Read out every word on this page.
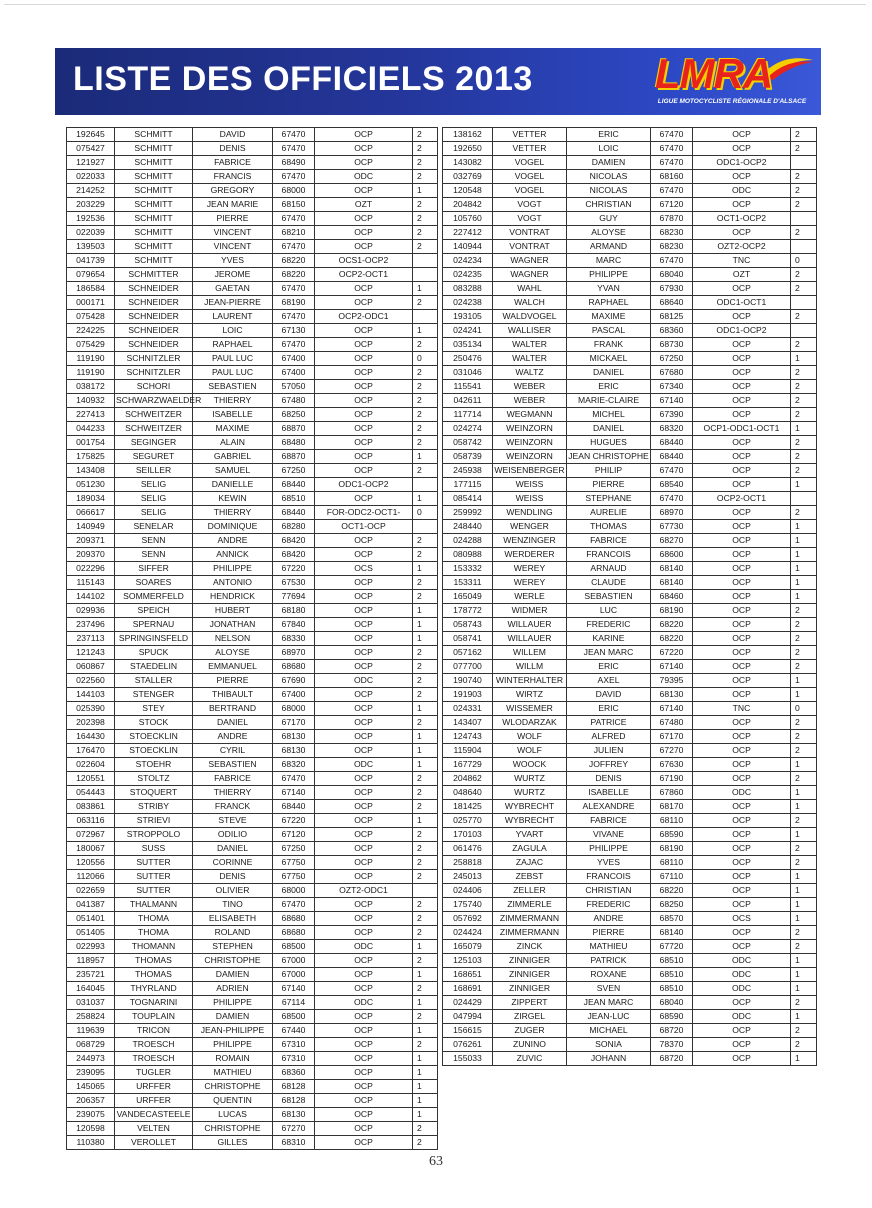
LISTE DES OFFICIELS 2013	LMRA
LIGUE MOTOCYCLISTE RÉGIONALE D'ALSACE
192645	SCHMITT	DAVID	67470	OCP	2
075427	SCHMITT	DENIS	67470	OCP	2
121927	SCHMITT	FABRICE	68490	OCP	2
022033	SCHMITT	FRANCIS	67470	ODC	2
214252	SCHMITT	GREGORY	68000	OCP	1
203229	SCHMITT	JEAN MARIE	68150	OZT	2
192536	SCHMITT	PIERRE	67470	OCP	2
022039	SCHMITT	VINCENT	68210	OCP	2
139503	SCHMITT	VINCENT	67470	OCP	2
041739	SCHMITT	YVES	68220	OCS1-OCP2	
079654	SCHMITTER	JEROME	68220	OCP2-OCT1	
186584	SCHNEIDER	GAETAN	67470	OCP	1
000171	SCHNEIDER	JEAN-PIERRE	68190	OCP	2
075428	SCHNEIDER	LAURENT	67470	OCP2-ODC1	
224225	SCHNEIDER	LOIC	67130	OCP	1
075429	SCHNEIDER	RAPHAEL	67470	OCP	2
119190	SCHNITZLER	PAUL LUC	67400	OCP	0
119190	SCHNITZLER	PAUL LUC	67400	OCP	2
038172	SCHORI	SEBASTIEN	57050	OCP	2
140932	SCHWARZWAELDER	THIERRY	67480	OCP	2
227413	SCHWEITZER	ISABELLE	68250	OCP	2
044233	SCHWEITZER	MAXIME	68870	OCP	2
001754	SEGINGER	ALAIN	68480	OCP	2
175825	SEGURET	GABRIEL	68870	OCP	1
143408	SEILLER	SAMUEL	67250	OCP	2
051230	SELIG	DANIELLE	68440	ODC1-OCP2	
189034	SELIG	KEWIN	68510	OCP	1
066617	SELIG	THIERRY	68440	FOR-ODC2-OCT1-	0
140949	SENELAR	DOMINIQUE	68280	OCT1-OCP	
209371	SENN	ANDRE	68420	OCP	2
209370	SENN	ANNICK	68420	OCP	2
022296	SIFFER	PHILIPPE	67220	OCS	1
115143	SOARES	ANTONIO	67530	OCP	2
144102	SOMMERFELD	HENDRICK	77694	OCP	2
029936	SPEICH	HUBERT	68180	OCP	1
237496	SPERNAU	JONATHAN	67840	OCP	1
237113	SPRINGINSFELD	NELSON	68330	OCP	1
121243	SPUCK	ALOYSE	68970	OCP	2
060867	STAEDELIN	EMMANUEL	68680	OCP	2
022560	STALLER	PIERRE	67690	ODC	2
144103	STENGER	THIBAULT	67400	OCP	2
025390	STEY	BERTRAND	68000	OCP	1
202398	STOCK	DANIEL	67170	OCP	2
164430	STOECKLIN	ANDRE	68130	OCP	1
176470	STOECKLIN	CYRIL	68130	OCP	1
022604	STOEHR	SEBASTIEN	68320	ODC	1
120551	STOLTZ	FABRICE	67470	OCP	2
054443	STOQUERT	THIERRY	67140	OCP	2
083861	STRIBY	FRANCK	68440	OCP	2
063116	STRIEVI	STEVE	67220	OCP	1
072967	STROPPOLO	ODILIO	67120	OCP	2
180067	SUSS	DANIEL	67250	OCP	2
120556	SUTTER	CORINNE	67750	OCP	2
112066	SUTTER	DENIS	67750	OCP	2
022659	SUTTER	OLIVIER	68000	OZT2-ODC1	
041387	THALMANN	TINO	67470	OCP	2
051401	THOMA	ELISABETH	68680	OCP	2
051405	THOMA	ROLAND	68680	OCP	2
022993	THOMANN	STEPHEN	68500	ODC	1
118957	THOMAS	CHRISTOPHE	67000	OCP	2
235721	THOMAS	DAMIEN	67000	OCP	1
164045	THYRLAND	ADRIEN	67140	OCP	2
031037	TOGNARINI	PHILIPPE	67114	ODC	1
258824	TOUPLAIN	DAMIEN	68500	OCP	2
119639	TRICON	JEAN-PHILIPPE	67440	OCP	1
068729	TROESCH	PHILIPPE	67310	OCP	2
244973	TROESCH	ROMAIN	67310	OCP	1
239095	TUGLER	MATHIEU	68360	OCP	1
145065	URFFER	CHRISTOPHE	68128	OCP	1
206357	URFFER	QUENTIN	68128	OCP	1
239075	VANDECASTEELE	LUCAS	68130	OCP	1
120598	VELTEN	CHRISTOPHE	67270	OCP	2
110380	VEROLLET	GILLES	68310	OCP	2
138162	VETTER	ERIC	67470	OCP	2
192650	VETTER	LOIC	67470	OCP	2
143082	VOGEL	DAMIEN	67470	ODC1-OCP2	
032769	VOGEL	NICOLAS	68160	OCP	2
120548	VOGEL	NICOLAS	67470	ODC	2
204842	VOGT	CHRISTIAN	67120	OCP	2
105760	VOGT	GUY	67870	OCT1-OCP2	
227412	VONTRAT	ALOYSE	68230	OCP	2
140944	VONTRAT	ARMAND	68230	OZT2-OCP2	
024234	WAGNER	MARC	67470	TNC	0
024235	WAGNER	PHILIPPE	68040	OZT	2
083288	WAHL	YVAN	67930	OCP	2
024238	WALCH	RAPHAEL	68640	ODC1-OCT1	
193105	WALDVOGEL	MAXIME	68125	OCP	2
024241	WALLISER	PASCAL	68360	ODC1-OCP2	
035134	WALTER	FRANK	68730	OCP	2
250476	WALTER	MICKAEL	67250	OCP	1
031046	WALTZ	DANIEL	67680	OCP	2
115541	WEBER	ERIC	67340	OCP	2
042611	WEBER	MARIE-CLAIRE	67140	OCP	2
117714	WEGMANN	MICHEL	67390	OCP	2
024274	WEINZORN	DANIEL	68320	OCP1-ODC1-OCT1	1
058742	WEINZORN	HUGUES	68440	OCP	2
058739	WEINZORN	JEAN CHRISTOPHE	68440	OCP	2
245938	WEISENBERGER	PHILIP	67470	OCP	2
177115	WEISS	PIERRE	68540	OCP	1
085414	WEISS	STEPHANE	67470	OCP2-OCT1	
259992	WENDLING	AURELIE	68970	OCP	2
248440	WENGER	THOMAS	67730	OCP	1
024288	WENZINGER	FABRICE	68270	OCP	1
080988	WERDERER	FRANCOIS	68600	OCP	1
153332	WEREY	ARNAUD	68140	OCP	1
153311	WEREY	CLAUDE	68140	OCP	1
165049	WERLE	SEBASTIEN	68460	OCP	1
178772	WIDMER	LUC	68190	OCP	2
058743	WILLAUER	FREDERIC	68220	OCP	2
058741	WILLAUER	KARINE	68220	OCP	2
057162	WILLEM	JEAN MARC	67220	OCP	2
077700	WILLM	ERIC	67140	OCP	2
190740	WINTERHALTER	AXEL	79395	OCP	1
191903	WIRTZ	DAVID	68130	OCP	1
024331	WISSEMER	ERIC	67140	TNC	0
143407	WLODARZAK	PATRICE	67480	OCP	2
124743	WOLF	ALFRED	67170	OCP	2
115904	WOLF	JULIEN	67270	OCP	2
167729	WOOCK	JOFFREY	67630	OCP	1
204862	WURTZ	DENIS	67190	OCP	2
048640	WURTZ	ISABELLE	67860	ODC	1
181425	WYBRECHT	ALEXANDRE	68170	OCP	1
025770	WYBRECHT	FABRICE	68110	OCP	2
170103	YVART	VIVANE	68590	OCP	1
061476	ZAGULA	PHILIPPE	68190	OCP	2
258818	ZAJAC	YVES	68110	OCP	2
245013	ZEBST	FRANCOIS	67110	OCP	1
024406	ZELLER	CHRISTIAN	68220	OCP	1
175740	ZIMMERLE	FREDERIC	68250	OCP	1
057692	ZIMMERMANN	ANDRE	68570	OCS	1
024424	ZIMMERMANN	PIERRE	68140	OCP	2
165079	ZINCK	MATHIEU	67720	OCP	2
125103	ZINNIGER	PATRICK	68510	ODC	1
168651	ZINNIGER	ROXANE	68510	ODC	1
168691	ZINNIGER	SVEN	68510	ODC	1
024429	ZIPPERT	JEAN MARC	68040	OCP	2
047994	ZIRGEL	JEAN-LUC	68590	ODC	1
156615	ZUGER	MICHAEL	68720	OCP	2
076261	ZUNINO	SONIA	78370	OCP	2
155033	ZUVIC	JOHANN	68720	OCP	1
63
